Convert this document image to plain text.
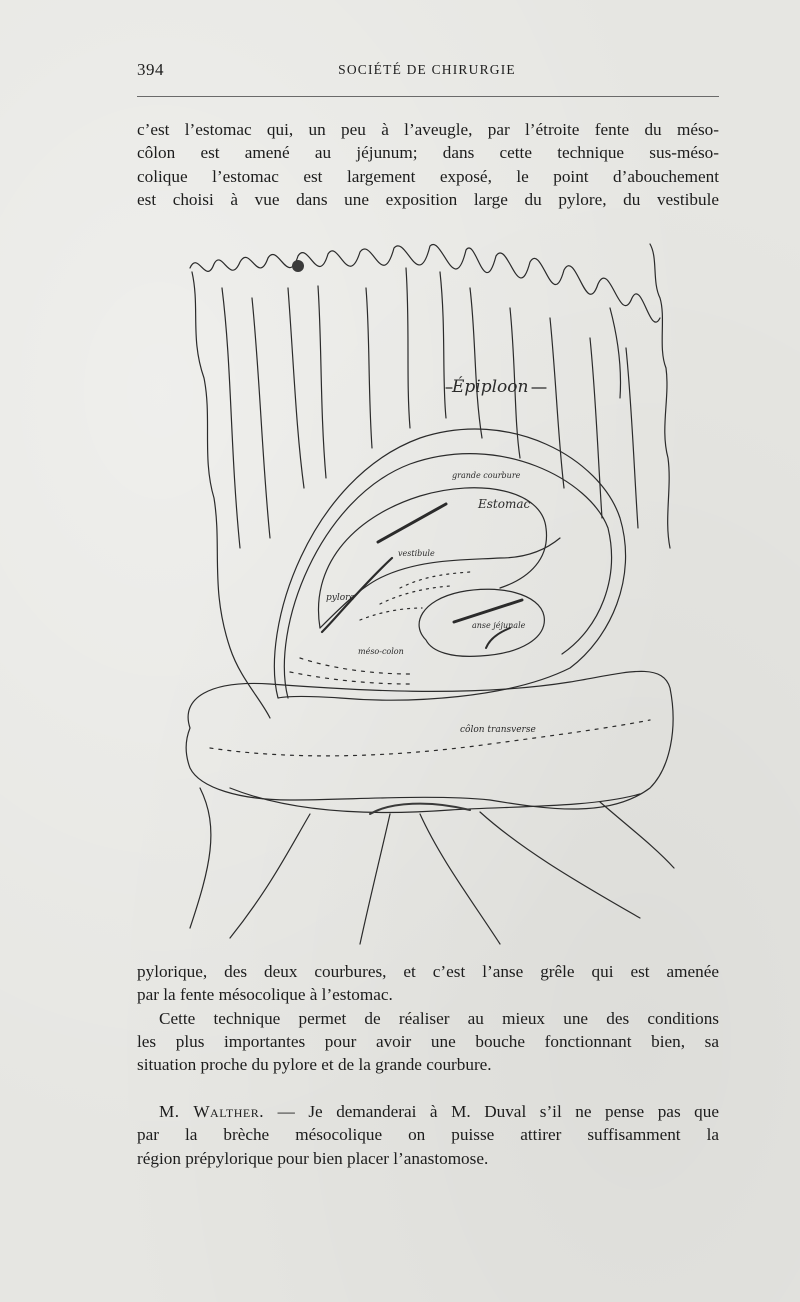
394	SOCIÉTÉ DE CHIRURGIE

c’est l’estomac qui, un peu à l’aveugle, par l’étroite fente du méso-
côlon est amené au jéjunum; dans cette technique sus-méso-
colique l’estomac est largement exposé, le point d’abouchement
est choisi à vue dans une exposition large du pylore, du vestibule

Épiploon
grande courbure
Estomac
vestibule
pylore
anse jéjunale
méso-colon
côlon transverse

pylorique, des deux courbures, et c’est l’anse grêle qui est amenée
par la fente mésocolique à l’estomac.
Cette technique permet de réaliser au mieux une des conditions
les plus importantes pour avoir une bouche fonctionnant bien, sa
situation proche du pylore et de la grande courbure.

M. Walther. — Je demanderai à M. Duval s’il ne pense pas que
par la brèche mésocolique on puisse attirer suffisamment la
région prépylorique pour bien placer l’anastomose.
